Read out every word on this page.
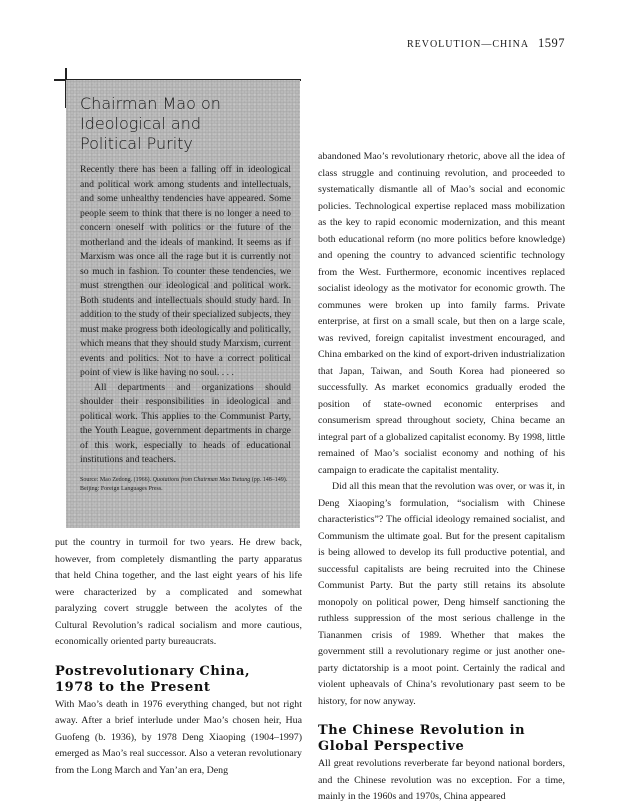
REVOLUTION—CHINA 1597
Chairman Mao on
Ideological and
Political Purity

Recently there has been a falling off in ideological and political work among students and intellectuals, and some unhealthy tendencies have appeared. Some people seem to think that there is no longer a need to concern oneself with politics or the future of the motherland and the ideals of mankind. It seems as if Marxism was once all the rage but it is currently not so much in fashion. To counter these tendencies, we must strengthen our ideological and political work. Both students and intellectuals should study hard. In addition to the study of their specialized subjects, they must make progress both ideologically and politically, which means that they should study Marxism, current events and politics. Not to have a correct political point of view is like having no soul. . . .

All departments and organizations should shoulder their responsibilities in ideological and political work. This applies to the Communist Party, the Youth League, government departments in charge of this work, especially to heads of educational institutions and teachers.

Source: Mao Zedong. (1966). Quotations from Chairman Mao Tsetung (pp. 148–149). Beijing: Foreign Languages Press.

put the country in turmoil for two years. He drew back, however, from completely dismantling the party apparatus that held China together, and the last eight years of his life were characterized by a complicated and somewhat paralyzing covert struggle between the acolytes of the Cultural Revolution’s radical socialism and more cautious, economically oriented party bureaucrats.

Postrevolutionary China,
1978 to the Present

With Mao’s death in 1976 everything changed, but not right away. After a brief interlude under Mao’s chosen heir, Hua Guofeng (b. 1936), by 1978 Deng Xiaoping (1904–1997) emerged as Mao’s real successor. Also a veteran revolutionary from the Long March and Yan’an era, Deng

abandoned Mao’s revolutionary rhetoric, above all the idea of class struggle and continuing revolution, and proceeded to systematically dismantle all of Mao’s social and economic policies. Technological expertise replaced mass mobilization as the key to rapid economic modernization, and this meant both educational reform (no more politics before knowledge) and opening the country to advanced scientific technology from the West. Furthermore, economic incentives replaced socialist ideology as the motivator for economic growth. The communes were broken up into family farms. Private enterprise, at first on a small scale, but then on a large scale, was revived, foreign capitalist investment encouraged, and China embarked on the kind of export-driven industrialization that Japan, Taiwan, and South Korea had pioneered so successfully. As market economics gradually eroded the position of state-owned economic enterprises and consumerism spread throughout society, China became an integral part of a globalized capitalist economy. By 1998, little remained of Mao’s socialist economy and nothing of his campaign to eradicate the capitalist mentality.

Did all this mean that the revolution was over, or was it, in Deng Xiaoping’s formulation, “socialism with Chinese characteristics”? The official ideology remained socialist, and Communism the ultimate goal. But for the present capitalism is being allowed to develop its full productive potential, and successful capitalists are being recruited into the Chinese Communist Party. But the party still retains its absolute monopoly on political power, Deng himself sanctioning the ruthless suppression of the most serious challenge in the Tiananmen crisis of 1989. Whether that makes the government still a revolutionary regime or just another one-party dictatorship is a moot point. Certainly the radical and violent upheavals of China’s revolutionary past seem to be history, for now anyway.

The Chinese Revolution in
Global Perspective

All great revolutions reverberate far beyond national borders, and the Chinese revolution was no exception. For a time, mainly in the 1960s and 1970s, China appeared
